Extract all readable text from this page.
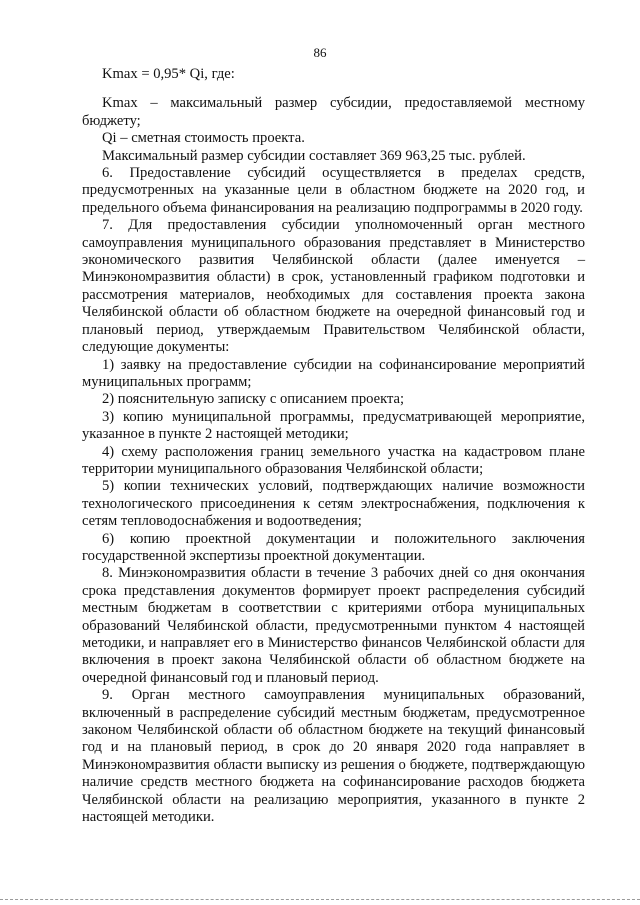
86

Kmax = 0,95* Qi, где:

Kmax – максимальный размер субсидии, предоставляемой местному бюджету;

Qi – сметная стоимость проекта.

Максимальный размер субсидии составляет 369 963,25 тыс. рублей.

6. Предоставление субсидий осуществляется в пределах средств, предусмотренных на указанные цели в областном бюджете на 2020 год, и предельного объема финансирования на реализацию подпрограммы в 2020 году.

7. Для предоставления субсидии уполномоченный орган местного самоуправления муниципального образования представляет в Министерство экономического развития Челябинской области (далее именуется – Минэкономразвития области) в срок, установленный графиком подготовки и рассмотрения материалов, необходимых для составления проекта закона Челябинской области об областном бюджете на очередной финансовый год и плановый период, утверждаемым Правительством Челябинской области, следующие документы:

1) заявку на предоставление субсидии на софинансирование мероприятий муниципальных программ;

2) пояснительную записку с описанием проекта;

3) копию муниципальной программы, предусматривающей мероприятие, указанное в пункте 2 настоящей методики;

4) схему расположения границ земельного участка на кадастровом плане территории муниципального образования Челябинской области;

5) копии технических условий, подтверждающих наличие возможности технологического присоединения к сетям электроснабжения, подключения к сетям тепловодоснабжения и водоотведения;

6) копию проектной документации и положительного заключения государственной экспертизы проектной документации.

8. Минэкономразвития области в течение 3 рабочих дней со дня окончания срока представления документов формирует проект распределения субсидий местным бюджетам в соответствии с критериями отбора муниципальных образований Челябинской области, предусмотренными пунктом 4 настоящей методики, и направляет его в Министерство финансов Челябинской области для включения в проект закона Челябинской области об областном бюджете на очередной финансовый год и плановый период.

9. Орган местного самоуправления муниципальных образований, включенный в распределение субсидий местным бюджетам, предусмотренное законом Челябинской области об областном бюджете на текущий финансовый год и на плановый период, в срок до 20 января 2020 года направляет в Минэкономразвития области выписку из решения о бюджете, подтверждающую наличие средств местного бюджета на софинансирование расходов бюджета Челябинской области на реализацию мероприятия, указанного в пункте 2 настоящей методики.
